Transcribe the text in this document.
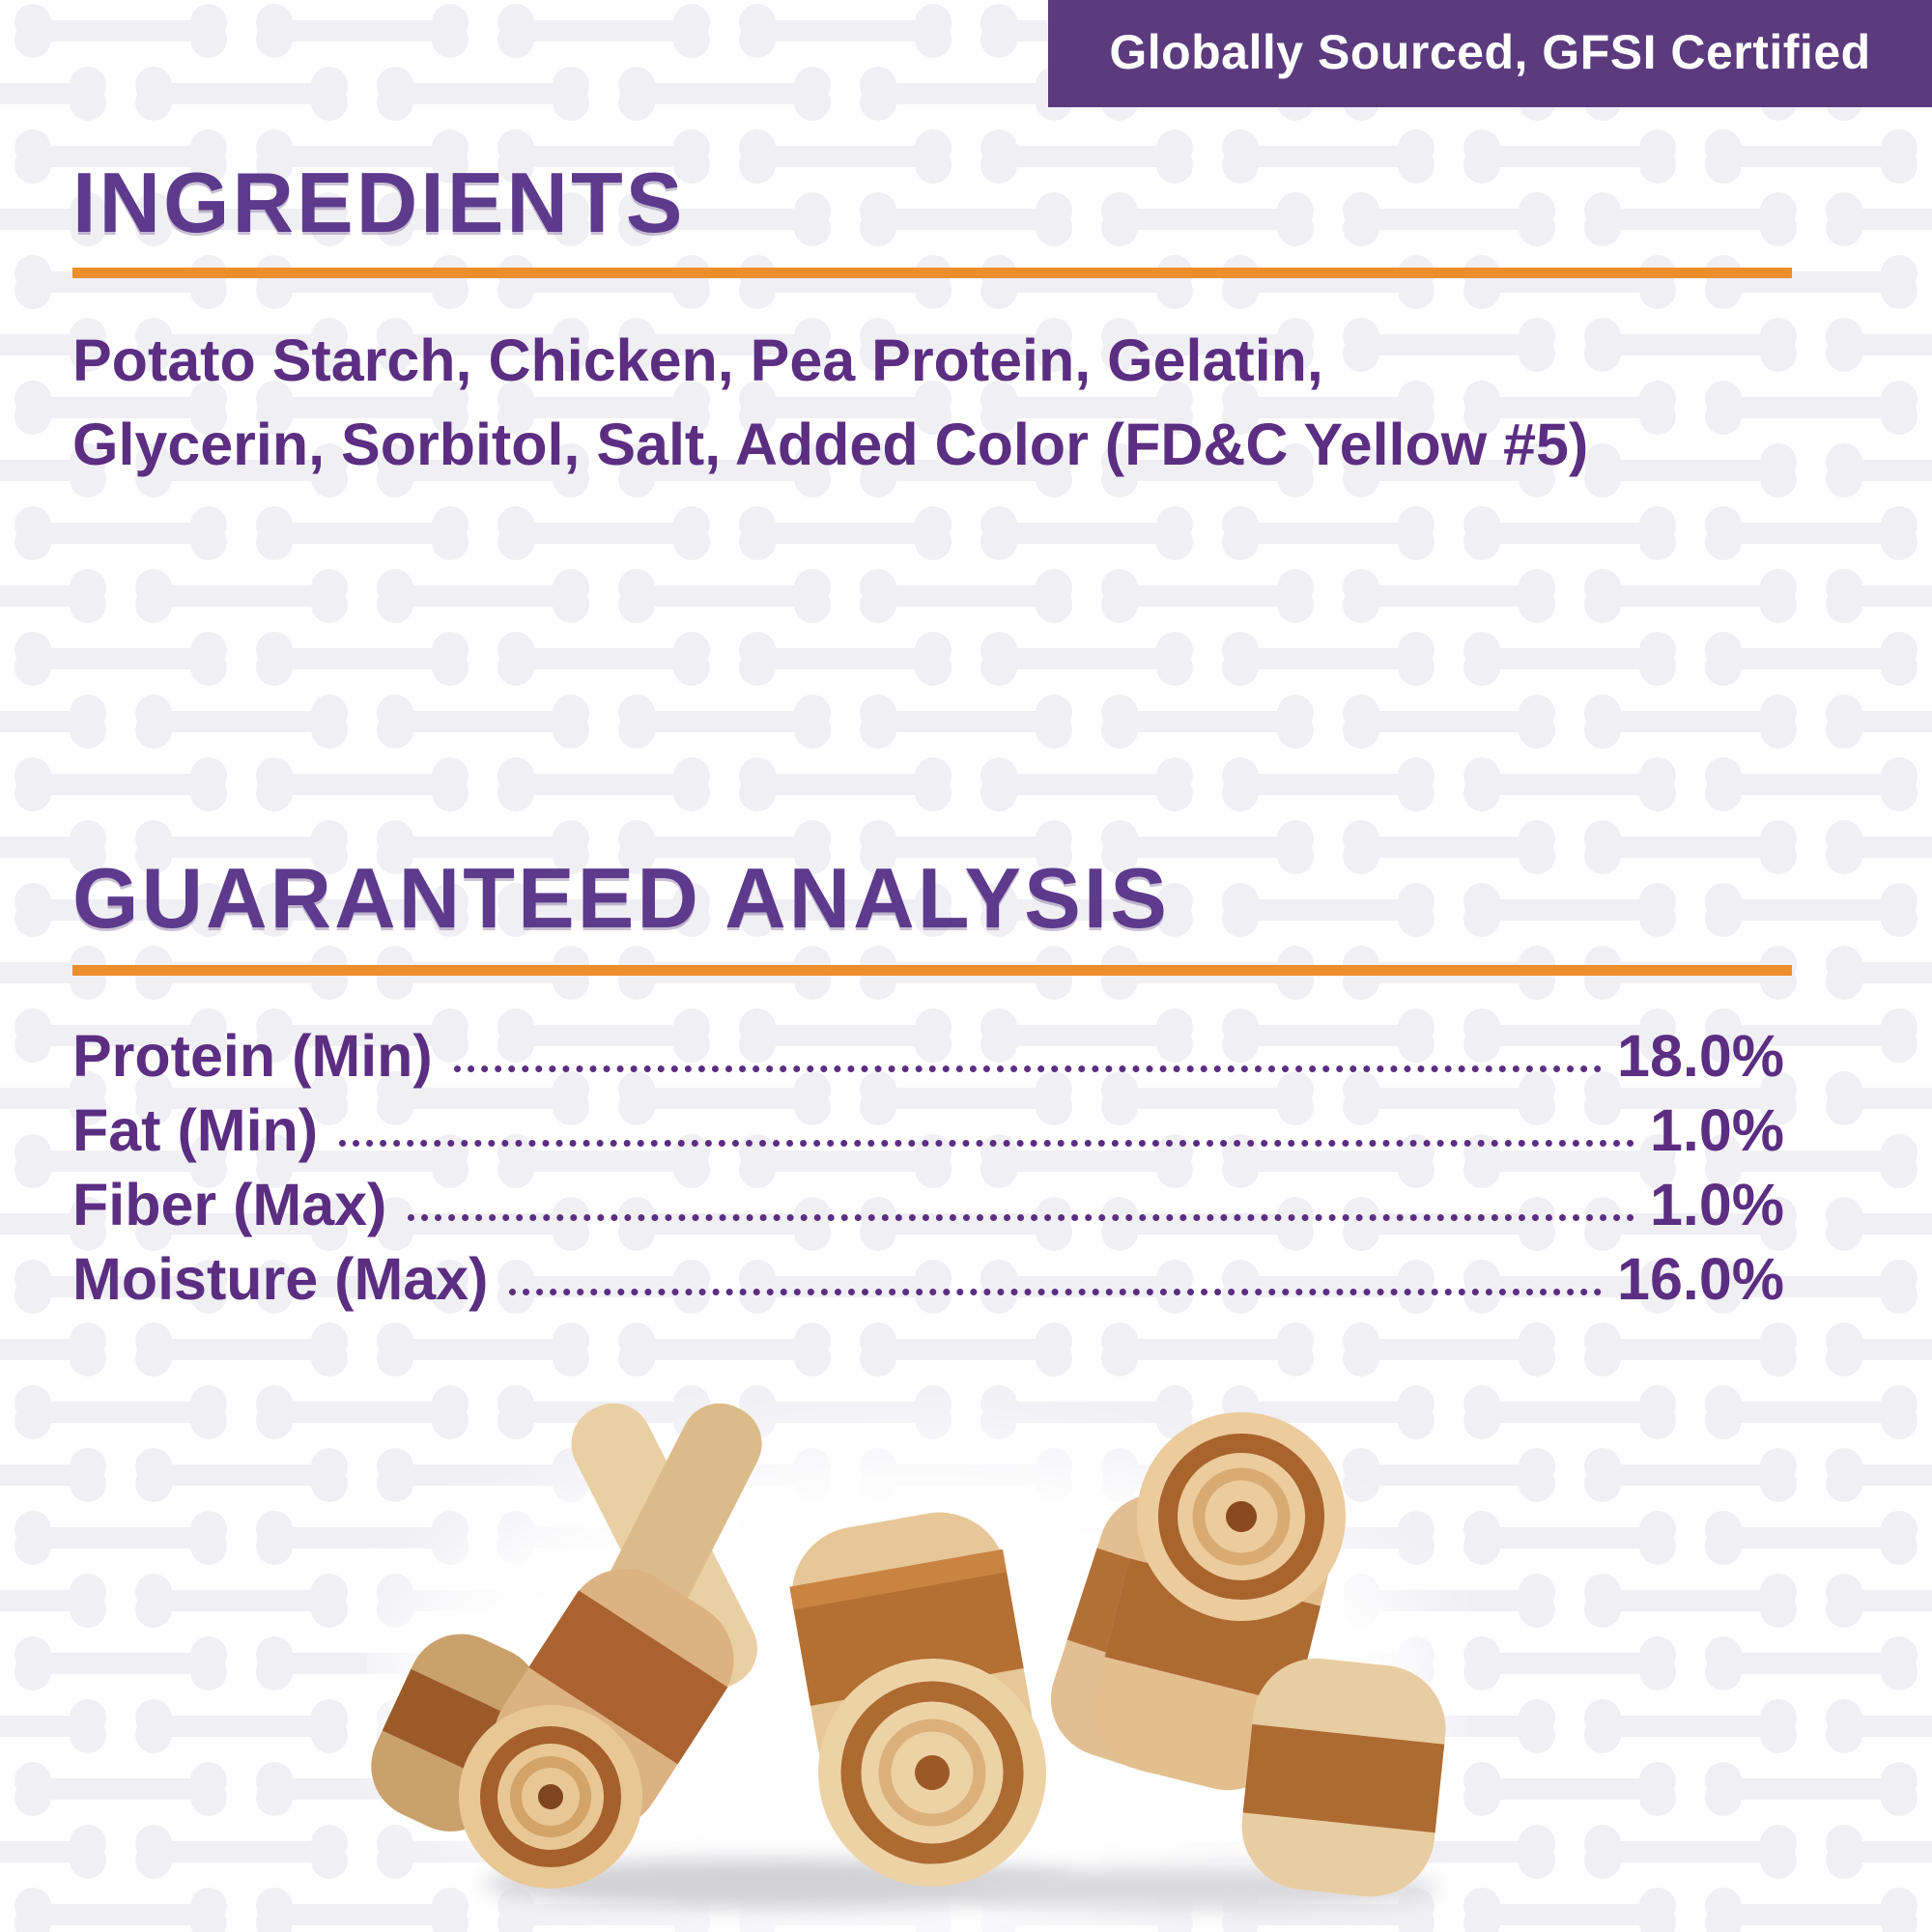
Globally Sourced, GFSI Certified
INGREDIENTS
Potato Starch, Chicken, Pea Protein, Gelatin,
Glycerin, Sorbitol, Salt, Added Color (FD&C Yellow #5)
GUARANTEED ANALYSIS
Protein (Min)	18.0%
Fat (Min)	1.0%
Fiber (Max)	1.0%
Moisture (Max)	16.0%
